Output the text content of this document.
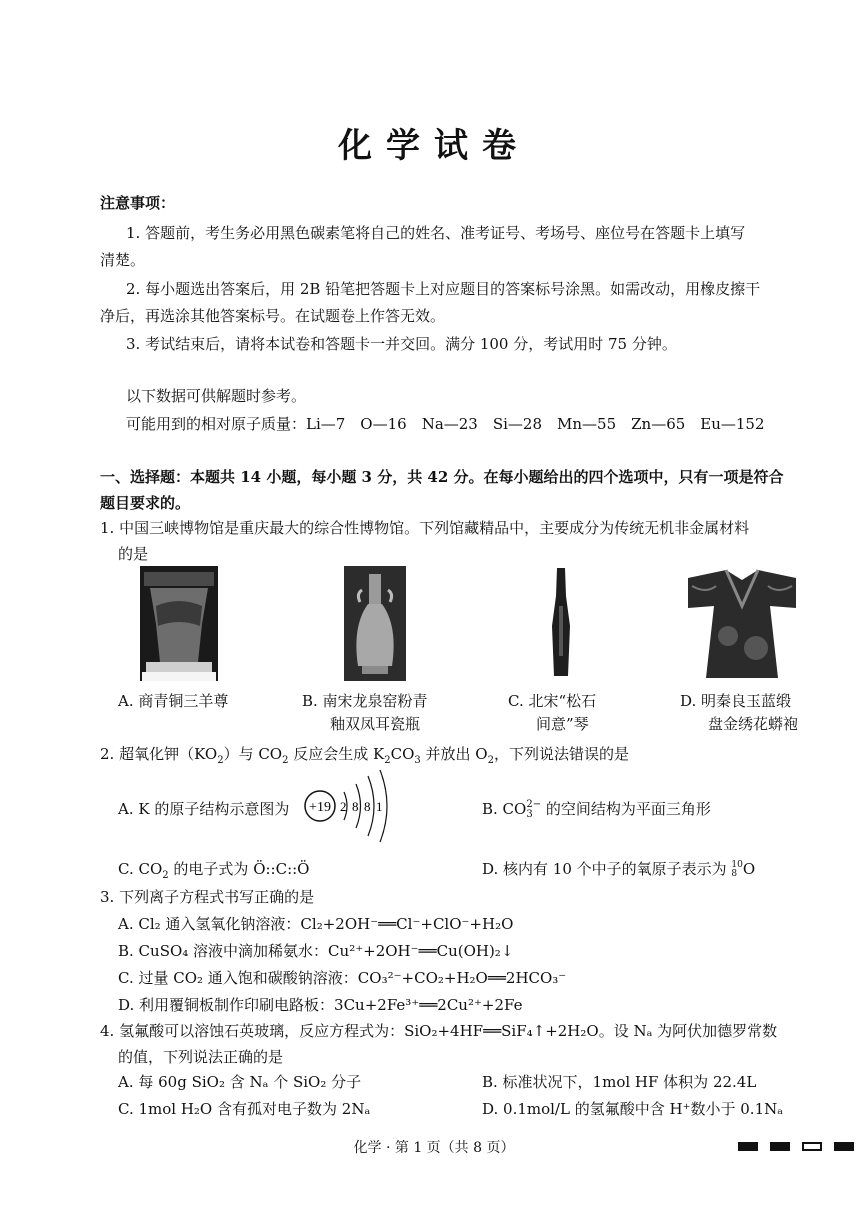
化学试卷
注意事项：
1. 答题前，考生务必用黑色碳素笔将自己的姓名、准考证号、考场号、座位号在答题卡上填写
清楚。
2. 每小题选出答案后，用 2B 铅笔把答题卡上对应题目的答案标号涂黑。如需改动，用橡皮擦干
净后，再选涂其他答案标号。在试题卷上作答无效。
3. 考试结束后，请将本试卷和答题卡一并交回。满分 100 分，考试用时 75 分钟。
以下数据可供解题时参考。
可能用到的相对原子质量：Li—7　O—16　Na—23　Si—28　Mn—55　Zn—65　Eu—152
一、选择题：本题共 14 小题，每小题 3 分，共 42 分。在每小题给出的四个选项中，只有一项是符合
题目要求的。
1. 中国三峡博物馆是重庆最大的综合性博物馆。下列馆藏精品中，主要成分为传统无机非金属材料
的是
A. 商青铜三羊尊	B. 南宋龙泉窑粉青
釉双凤耳瓷瓶
C. 北宋“松石
间意”琴
D. 明秦良玉蓝缎
盘金绣花蟒袍
2. 超氧化钾$(KO_2)$与 $CO_2$ 反应会生成 $K_2CO_3$ 并放出 $O_2$，下列说法错误的是
A. K 的原子结构示意图为 +19 2 8 8 1	B. CO 2−
3 的空间结构为平面三角形
C. $CO_2$ 的电子式为 Ö::C::Ö	D. 核内有 10 个中子的氧原子表示为 10
8 O
3. 下列离子方程式书写正确的是
A. Cl₂ 通入氢氧化钠溶液：Cl₂+2OH⁻══Cl⁻+ClO⁻+H₂O
B. CuSO₄ 溶液中滴加稀氨水：Cu²⁺+2OH⁻══Cu(OH)₂↓
C. 过量 CO₂ 通入饱和碳酸钠溶液：CO₃²⁻+CO₂+H₂O══2HCO₃⁻
D. 利用覆铜板制作印刷电路板：3Cu+2Fe³⁺══2Cu²⁺+2Fe
4. 氢氟酸可以溶蚀石英玻璃，反应方程式为：SiO₂+4HF══SiF₄↑+2H₂O。设 Nₐ 为阿伏加德罗常数
的值，下列说法正确的是
A. 每 60g SiO₂ 含 Nₐ 个 SiO₂ 分子	B. 标准状况下，1mol HF 体积为 22.4L
C. 1mol H₂O 含有孤对电子数为 2Nₐ	D. 0.1mol/L 的氢氟酸中含 H⁺数小于 0.1Nₐ
化学 · 第 1 页（共 8 页）
